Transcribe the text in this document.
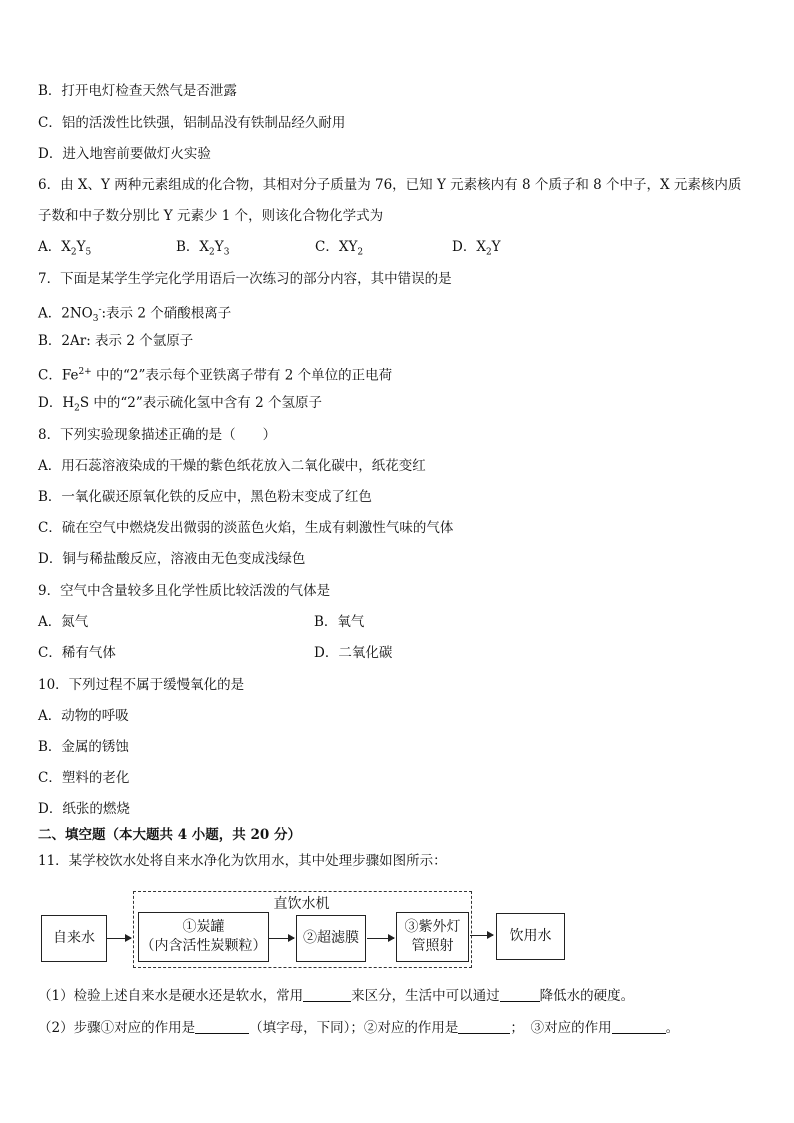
B．打开电灯检查天然气是否泄露
C．铝的活泼性比铁强，铝制品没有铁制品经久耐用
D．进入地窖前要做灯火实验
6．由 X、Y 两种元素组成的化合物，其相对分子质量为 76，已知 Y 元素核内有 8 个质子和 8 个中子，X 元素核内质
子数和中子数分别比 Y 元素少 1 个，则该化合物化学式为
A．$X_2Y_5$	B．$X_2Y_3$	C．$XY_2$	D．$X_2Y$
7．下面是某学生学完化学用语后一次练习的部分内容，其中错误的是
A．$2NO_3^-$:表示 2 个硝酸根离子
B．2Ar: 表示 2 个氩原子
C．$Fe^{2+}$ 中的“2”表示每个亚铁离子带有 2 个单位的正电荷
D．$H_2S$ 中的“2”表示硫化氢中含有 2 个氢原子
8．下列实验现象描述正确的是（　　）
A．用石蕊溶液染成的干燥的紫色纸花放入二氧化碳中，纸花变红
B．一氧化碳还原氧化铁的反应中，黑色粉末变成了红色
C．硫在空气中燃烧发出微弱的淡蓝色火焰，生成有刺激性气味的气体
D．铜与稀盐酸反应，溶液由无色变成浅绿色
9．空气中含量较多且化学性质比较活泼的气体是
A．氮气	B．氧气
C．稀有气体	D．二氧化碳
10．下列过程不属于缓慢氧化的是
A．动物的呼吸
B．金属的锈蚀
C．塑料的老化
D．纸张的燃烧
二、填空题（本大题共 4 小题，共 20 分）
11．某学校饮水处将自来水净化为饮用水，其中处理步骤如图所示：
直饮水机
自来水
①炭罐
（内含活性炭颗粒）	②超滤膜
③紫外灯
管照射
饮用水
（1）检验上述自来水是硬水还是软水，常用	来区分，生活中可以通过	降低水的硬度。
（2）步骤①对应的作用是	（填字母，下同）；②对应的作用是	；　③对应的作用	。
